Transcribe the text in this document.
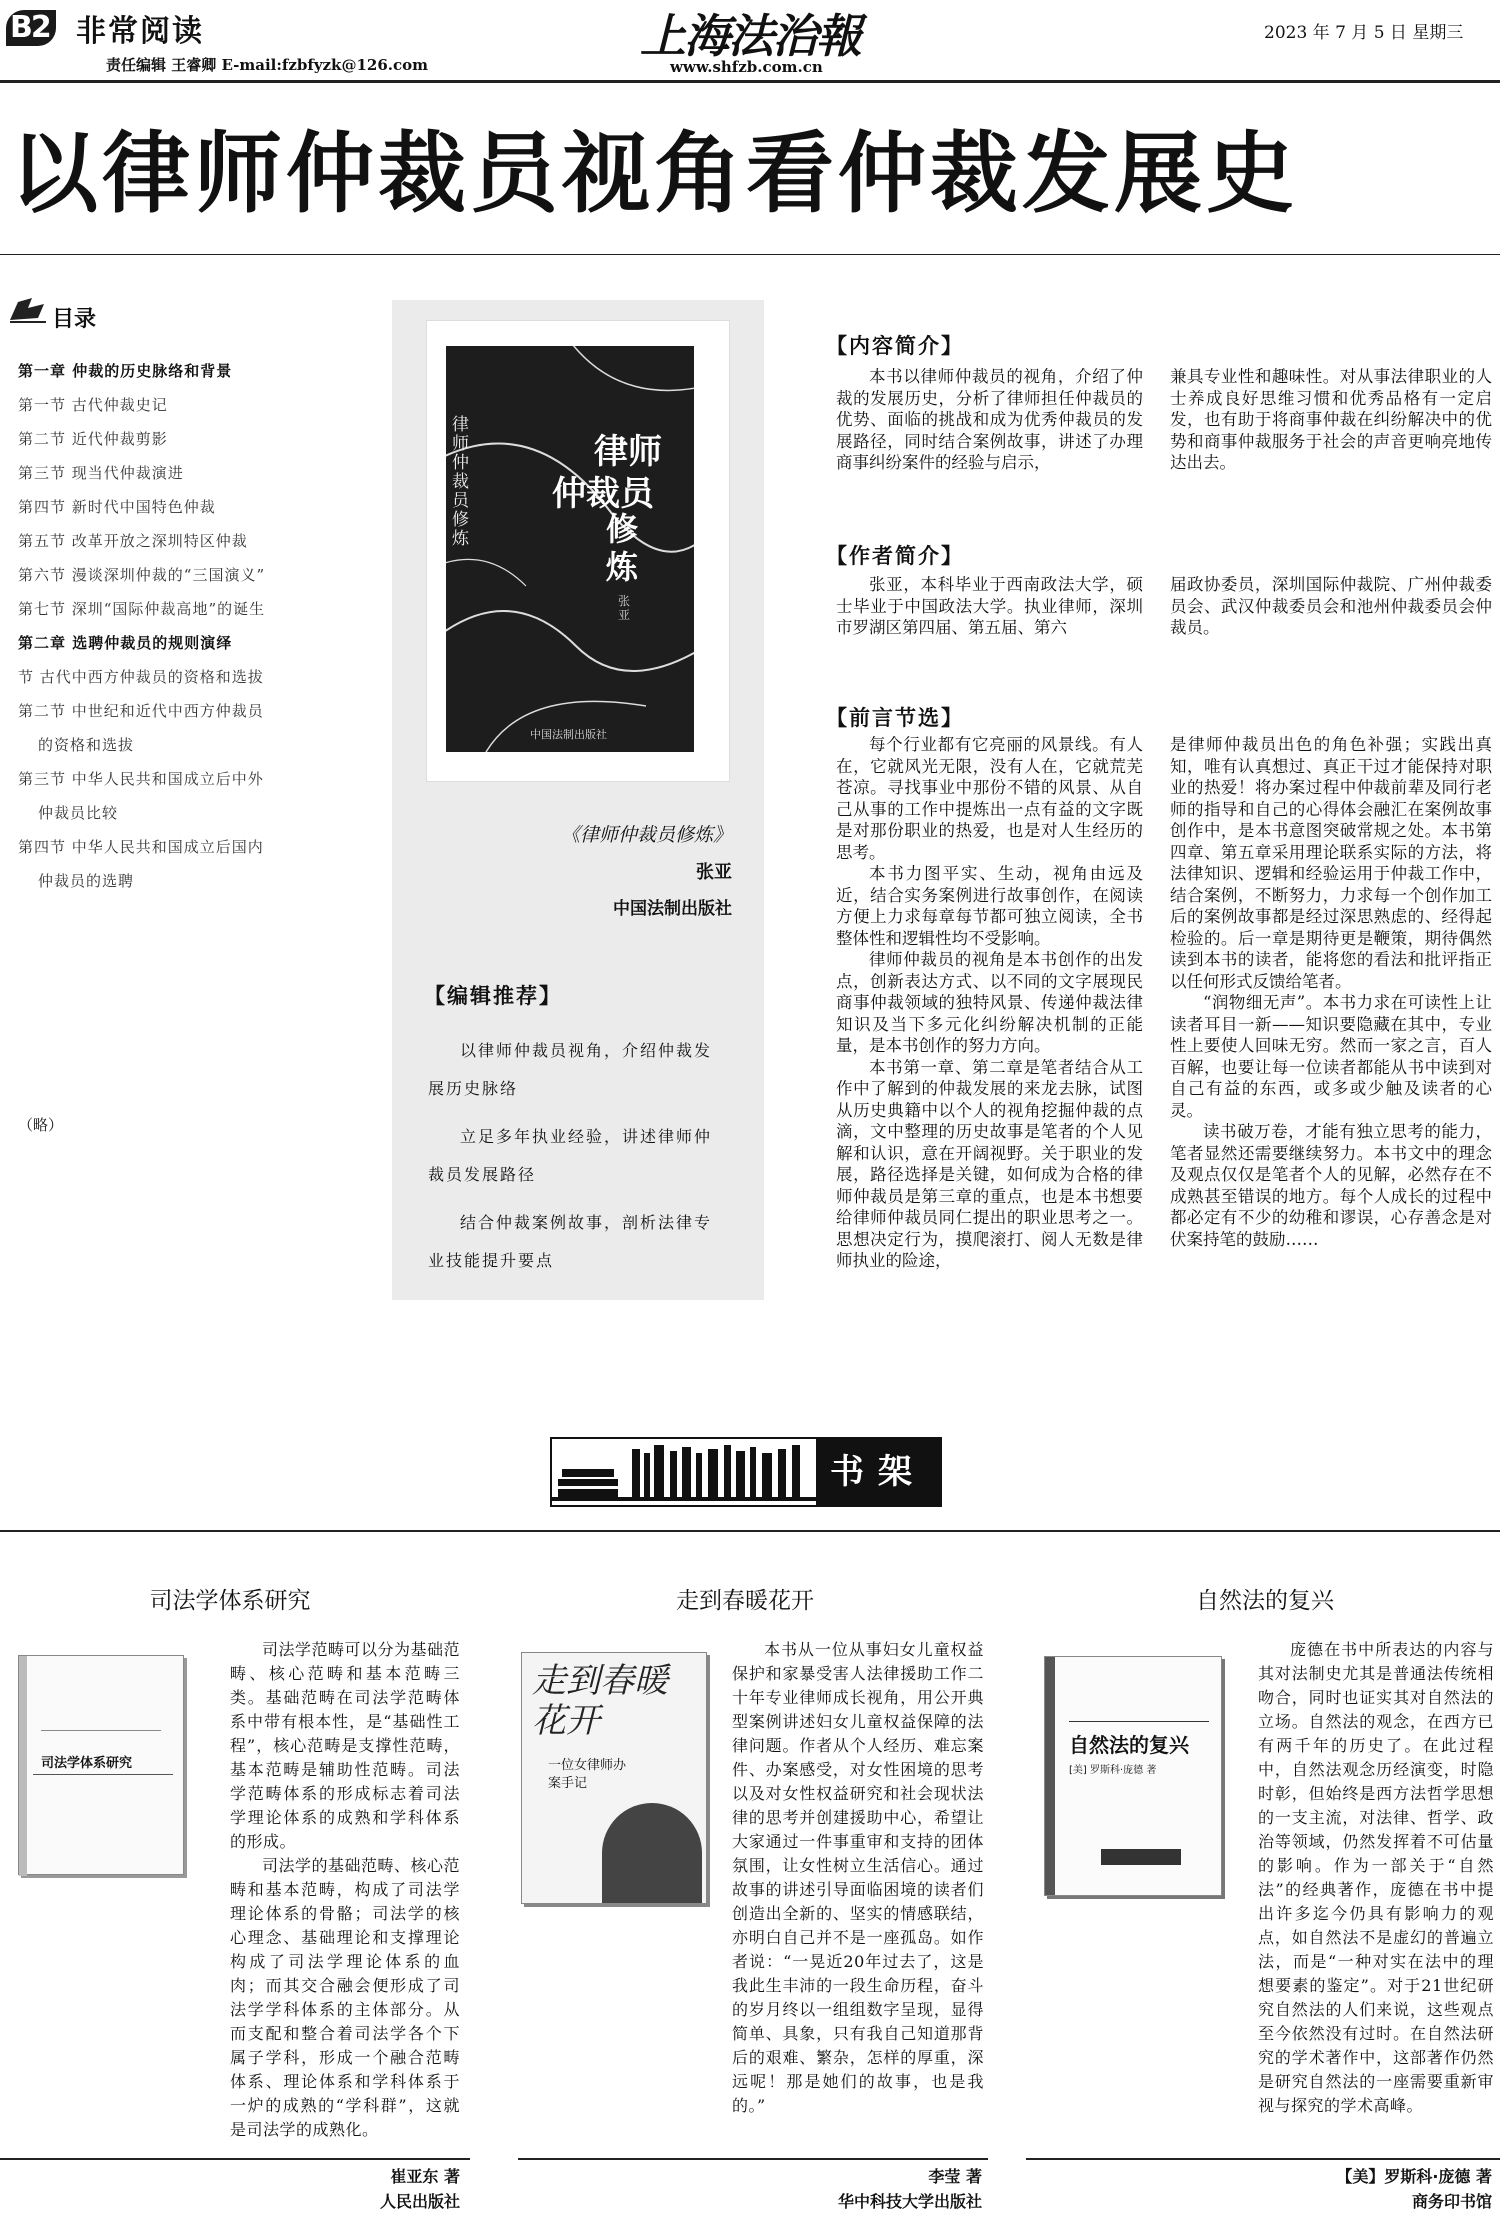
B2 非常阅读
责任编辑 王睿卿 E-mail:fzbfyzk@126.com
上海法治報
www.shfzb.com.cn
2023 年 7 月 5 日 星期三
以律师仲裁员视角看仲裁发展史
目录
第一章 仲裁的历史脉络和背景
第一节 古代仲裁史记
第二节 近代仲裁剪影
第三节 现当代仲裁演进
第四节 新时代中国特色仲裁
第五节 改革开放之深圳特区仲裁
第六节 漫谈深圳仲裁的“三国演义”
第七节 深圳“国际仲裁高地”的诞生
第二章 选聘仲裁员的规则演绎
节 古代中西方仲裁员的资格和选拔
第二节 中世纪和近代中西方仲裁员的资格和选拔
第三节 中华人民共和国成立后中外仲裁员比较
第四节 中华人民共和国成立后国内仲裁员的选聘
（略）
律师仲裁员修炼
律师
仲裁员
修炼
张亚
中国法制出版社
《律师仲裁员修炼》
张亚
中国法制出版社
【编辑推荐】
以律师仲裁员视角，介绍仲裁发展历史脉络
立足多年执业经验，讲述律师仲裁员发展路径
结合仲裁案例故事，剖析法律专业技能提升要点
【内容简介】
本书以律师仲裁员的视角，介绍了仲裁的发展历史，分析了律师担任仲裁员的优势、面临的挑战和成为优秀仲裁员的发展路径，同时结合案例故事，讲述了办理商事纠纷案件的经验与启示，
兼具专业性和趣味性。对从事法律职业的人士养成良好思维习惯和优秀品格有一定启发，也有助于将商事仲裁在纠纷解决中的优势和商事仲裁服务于社会的声音更响亮地传达出去。
【作者简介】
张亚，本科毕业于西南政法大学，硕士毕业于中国政法大学。执业律师，深圳市罗湖区第四届、第五届、第六
届政协委员，深圳国际仲裁院、广州仲裁委员会、武汉仲裁委员会和池州仲裁委员会仲裁员。
【前言节选】
每个行业都有它亮丽的风景线。有人在，它就风光无限，没有人在，它就荒芜苍凉。寻找事业中那份不错的风景、从自己从事的工作中提炼出一点有益的文字既是对那份职业的热爱，也是对人生经历的思考。
本书力图平实、生动，视角由远及近，结合实务案例进行故事创作，在阅读方便上力求每章每节都可独立阅读，全书整体性和逻辑性均不受影响。
律师仲裁员的视角是本书创作的出发点，创新表达方式、以不同的文字展现民商事仲裁领域的独特风景、传递仲裁法律知识及当下多元化纠纷解决机制的正能量，是本书创作的努力方向。
本书第一章、第二章是笔者结合从工作中了解到的仲裁发展的来龙去脉，试图从历史典籍中以个人的视角挖掘仲裁的点滴，文中整理的历史故事是笔者的个人见解和认识，意在开阔视野。关于职业的发展，路径选择是关键，如何成为合格的律师仲裁员是第三章的重点，也是本书想要给律师仲裁员同仁提出的职业思考之一。思想决定行为，摸爬滚打、阅人无数是律师执业的险途，
是律师仲裁员出色的角色补强；实践出真知，唯有认真想过、真正干过才能保持对职业的热爱！将办案过程中仲裁前辈及同行老师的指导和自己的心得体会融汇在案例故事创作中，是本书意图突破常规之处。本书第四章、第五章采用理论联系实际的方法，将法律知识、逻辑和经验运用于仲裁工作中，结合案例，不断努力，力求每一个创作加工后的案例故事都是经过深思熟虑的、经得起检验的。后一章是期待更是鞭策，期待偶然读到本书的读者，能将您的看法和批评指正以任何形式反馈给笔者。
“润物细无声”。本书力求在可读性上让读者耳目一新——知识要隐藏在其中，专业性上要使人回味无穷。然而一家之言，百人百解，也要让每一位读者都能从书中读到对自己有益的东西，或多或少触及读者的心灵。
读书破万卷，才能有独立思考的能力，笔者显然还需要继续努力。本书文中的理念及观点仅仅是笔者个人的见解，必然存在不成熟甚至错误的地方。每个人成长的过程中都必定有不少的幼稚和谬误，心存善念是对伏案持笔的鼓励……
书架
司法学体系研究
司法学体系研究
司法学范畴可以分为基础范畴、核心范畴和基本范畴三类。基础范畴在司法学范畴体系中带有根本性，是“基础性工程”，核心范畴是支撑性范畴，基本范畴是辅助性范畴。司法学范畴体系的形成标志着司法学理论体系的成熟和学科体系的形成。
司法学的基础范畴、核心范畴和基本范畴，构成了司法学理论体系的骨骼；司法学的核心理念、基础理论和支撑理论构成了司法学理论体系的血肉；而其交合融会便形成了司法学学科体系的主体部分。从而支配和整合着司法学各个下属子学科，形成一个融合范畴体系、理论体系和学科体系于一炉的成熟的“学科群”，这就是司法学的成熟化。
崔亚东 著
人民出版社
走到春暖花开
走到春暖花开
一位女律师办案手记
本书从一位从事妇女儿童权益保护和家暴受害人法律援助工作二十年专业律师成长视角，用公开典型案例讲述妇女儿童权益保障的法律问题。作者从个人经历、难忘案件、办案感受，对女性困境的思考以及对女性权益研究和社会现状法律的思考并创建援助中心，希望让大家通过一件事重审和支持的团体氛围，让女性树立生活信心。通过故事的讲述引导面临困境的读者们创造出全新的、坚实的情感联结，亦明白自己并不是一座孤岛。如作者说：“一晃近20年过去了，这是我此生丰沛的一段生命历程，奋斗的岁月终以一组组数字呈现，显得简单、具象，只有我自己知道那背后的艰难、繁杂，怎样的厚重，深远呢！那是她们的故事，也是我的。”
李莹 著
华中科技大学出版社
自然法的复兴
自然法的复兴
[美] 罗斯科·庞德 著
庞德在书中所表达的内容与其对法制史尤其是普通法传统相吻合，同时也证实其对自然法的立场。自然法的观念，在西方已有两千年的历史了。在此过程中，自然法观念历经演变，时隐时彰，但始终是西方法哲学思想的一支主流，对法律、哲学、政治等领域，仍然发挥着不可估量的影响。作为一部关于“自然法”的经典著作，庞德在书中提出许多迄今仍具有影响力的观点，如自然法不是虚幻的普遍立法，而是“一种对实在法中的理想要素的鉴定”。对于21世纪研究自然法的人们来说，这些观点至今依然没有过时。在自然法研究的学术著作中，这部著作仍然是研究自然法的一座需要重新审视与探究的学术高峰。
【美】罗斯科·庞德 著
商务印书馆
